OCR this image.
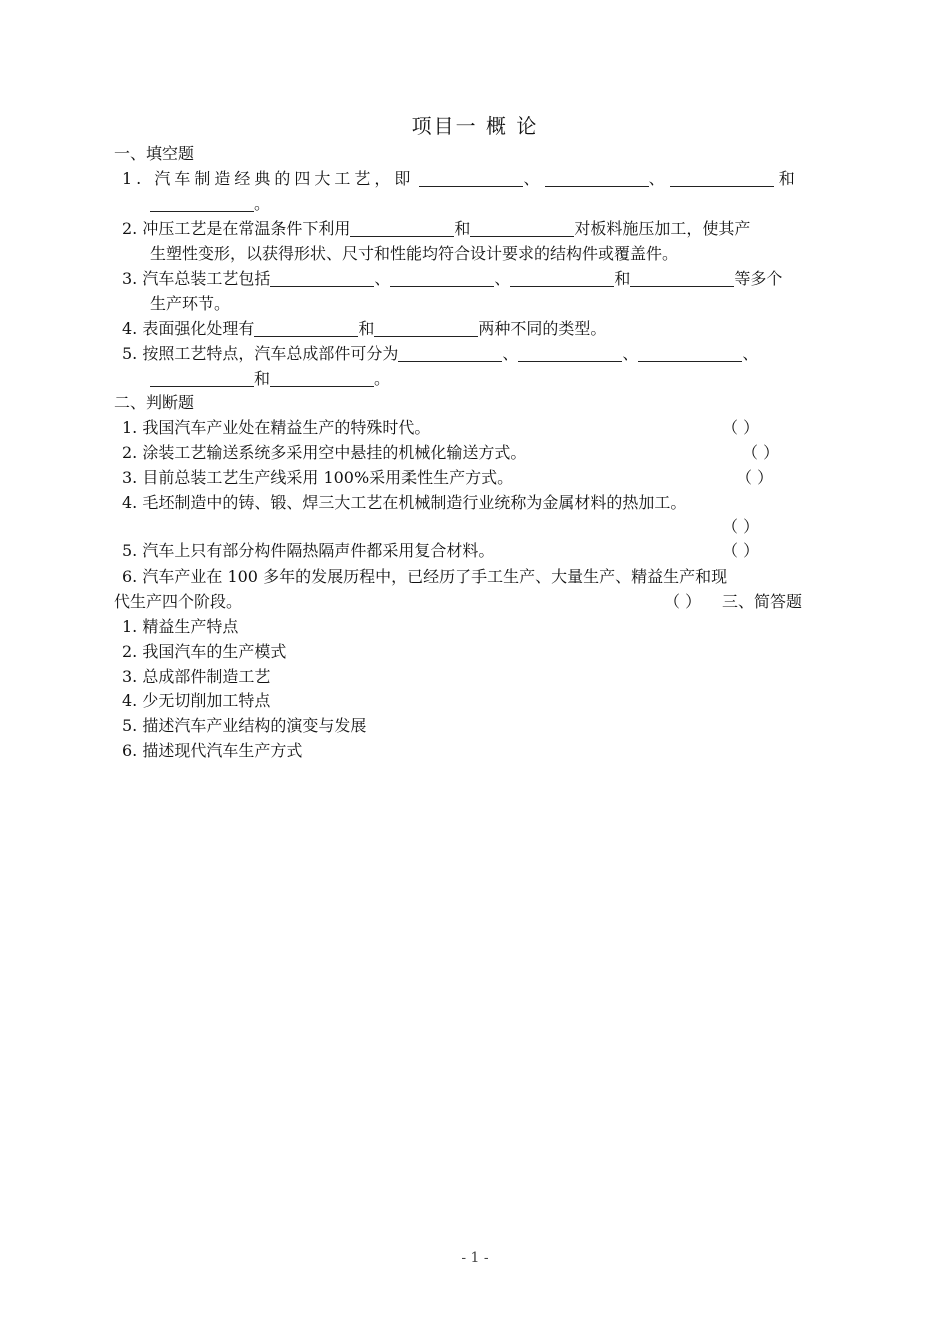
项目一 概 论
一、填空题
1. 汽车制造经典的四大工艺，即	、	、	和
。
2. 冲压工艺是在常温条件下利用	和	对板料施压加工，使其产
生塑性变形，以获得形状、尺寸和性能均符合设计要求的结构件或覆盖件。
3. 汽车总装工艺包括	、	、	和	等多个
生产环节。
4. 表面强化处理有	和	两种不同的类型。
5. 按照工艺特点，汽车总成部件可分为	、	、	、
和	。
二、判断题
1. 我国汽车产业处在精益生产的特殊时代。	（ ）
2. 涂装工艺输送系统多采用空中悬挂的机械化输送方式。	（ ）
3. 目前总装工艺生产线采用 100%采用柔性生产方式。	（ ）
4. 毛坯制造中的铸、锻、焊三大工艺在机械制造行业统称为金属材料的热加工。
（ ）
5. 汽车上只有部分构件隔热隔声件都采用复合材料。	（ ）
6. 汽车产业在 100 多年的发展历程中，已经历了手工生产、大量生产、精益生产和现
代生产四个阶段。	（ ） 三、简答题
1. 精益生产特点
2. 我国汽车的生产模式
3. 总成部件制造工艺
4. 少无切削加工特点
5. 描述汽车产业结构的演变与发展
6. 描述现代汽车生产方式
- 1 -
